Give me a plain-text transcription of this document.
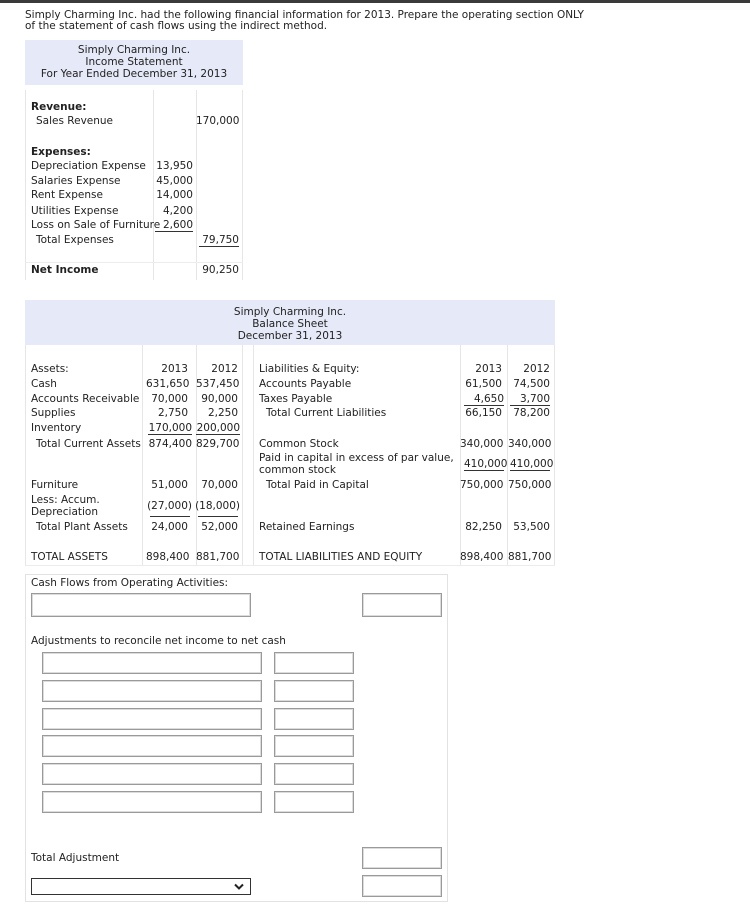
Simply Charming Inc. had the following financial information for 2013. Prepare the operating section ONLY
of the statement of cash flows using the indirect method.
Simply Charming Inc.
Income Statement
For Year Ended December 31, 2013
Revenue:
Sales Revenue	170,000
Expenses:
Depreciation Expense 13,950
Salaries Expense	45,000
Rent Expense	14,000
Utilities Expense	4,200
Loss on Sale of Furniture 2,600
Total Expenses	79,750
Net Income	90,250
Simply Charming Inc.
Balance Sheet
December 31, 2013
Assets:	2013	2012
Cash	631,650 537,450
Accounts Receivable	70,000	90,000
Supplies	2,750	2,250
Inventory	170,000 200,000
Total Current Assets 874,400 829,700
Furniture	51,000	70,000
Less: Accum. Depreciation	(27,000) (18,000)
Total Plant Assets	24,000	52,000
TOTAL ASSETS	898,400 881,700
Liabilities & Equity:	2013	2012
Accounts Payable	61,500	74,500
Taxes Payable	4,650	3,700
Total Current Liabilities	66,150	78,200
Common Stock	340,000 340,000
Paid in capital in excess of par value, common stock	410,000 410,000
Total Paid in Capital	750,000 750,000
Retained Earnings	82,250	53,500
TOTAL LIABILITIES AND EQUITY	898,400 881,700
Cash Flows from Operating Activities:
Adjustments to reconcile net income to net cash
Total Adjustment
